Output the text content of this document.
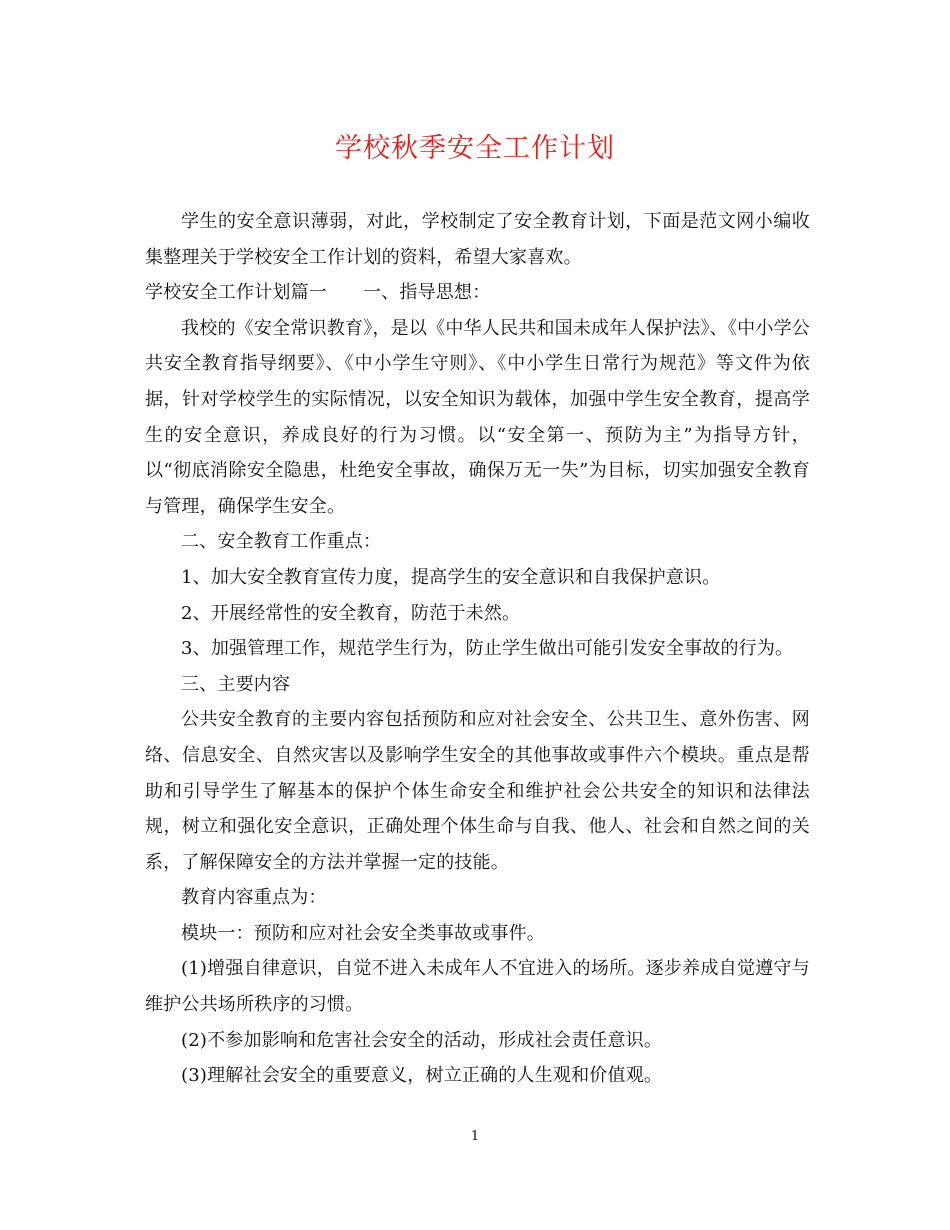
学校秋季安全工作计划

学生的安全意识薄弱，对此，学校制定了安全教育计划，下面是范文网小编收集整理关于学校安全工作计划的资料，希望大家喜欢。

学校安全工作计划篇一 一、指导思想：

我校的《安全常识教育》，是以《中华人民共和国未成年人保护法》、《中小学公共安全教育指导纲要》、《中小学生守则》、《中小学生日常行为规范》等文件为依据，针对学校学生的实际情况，以安全知识为载体，加强中学生安全教育，提高学生的安全意识，养成良好的行为习惯。以“安全第一、预防为主”为指导方针，以“彻底消除安全隐患，杜绝安全事故，确保万无一失”为目标，切实加强安全教育与管理，确保学生安全。

二、安全教育工作重点：

1、加大安全教育宣传力度，提高学生的安全意识和自我保护意识。

2、开展经常性的安全教育，防范于未然。

3、加强管理工作，规范学生行为，防止学生做出可能引发安全事故的行为。

三、主要内容

公共安全教育的主要内容包括预防和应对社会安全、公共卫生、意外伤害、网络、信息安全、自然灾害以及影响学生安全的其他事故或事件六个模块。重点是帮助和引导学生了解基本的保护个体生命安全和维护社会公共安全的知识和法律法规，树立和强化安全意识，正确处理个体生命与自我、他人、社会和自然之间的关系，了解保障安全的方法并掌握一定的技能。

教育内容重点为：

模块一：预防和应对社会安全类事故或事件。

(1)增强自律意识，自觉不进入未成年人不宜进入的场所。逐步养成自觉遵守与维护公共场所秩序的习惯。

(2)不参加影响和危害社会安全的活动，形成社会责任意识。

(3)理解社会安全的重要意义，树立正确的人生观和价值观。

1
